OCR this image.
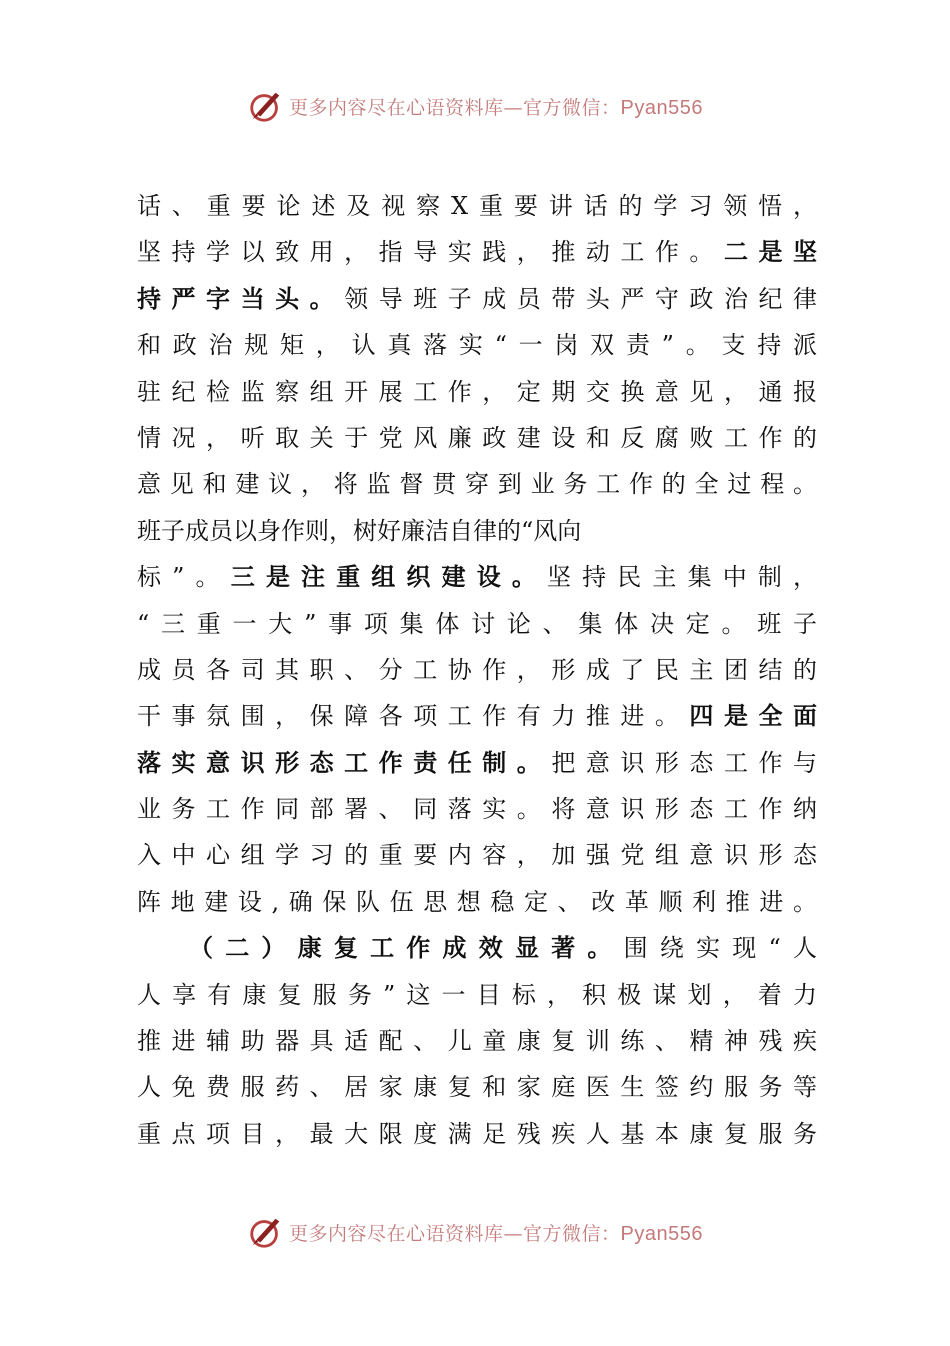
更多内容尽在心语资料库—官方微信：Pyan556
话、重要论述及视察X重要讲话的学习领悟，
坚持学以致用，指导实践，推动工作。二是坚
持严字当头。领导班子成员带头严守政治纪律
和政治规矩，认真落实“一岗双责”。支持派
驻纪检监察组开展工作，定期交换意见，通报
情况，听取关于党风廉政建设和反腐败工作的
意见和建议，将监督贯穿到业务工作的全过程。
班子成员以身作则，树好廉洁自律的“风向
标”。三是注重组织建设。坚持民主集中制，
“三重一大”事项集体讨论、集体决定。班子
成员各司其职、分工协作，形成了民主团结的
干事氛围，保障各项工作有力推进。四是全面
落实意识形态工作责任制。把意识形态工作与
业务工作同部署、同落实。将意识形态工作纳
入中心组学习的重要内容，加强党组意识形态
阵地建设,确保队伍思想稳定、改革顺利推进。
（二）康复工作成效显著。围绕实现“人
人享有康复服务”这一目标，积极谋划，着力
推进辅助器具适配、儿童康复训练、精神残疾
人免费服药、居家康复和家庭医生签约服务等
重点项目，最大限度满足残疾人基本康复服务
更多内容尽在心语资料库—官方微信：Pyan556
